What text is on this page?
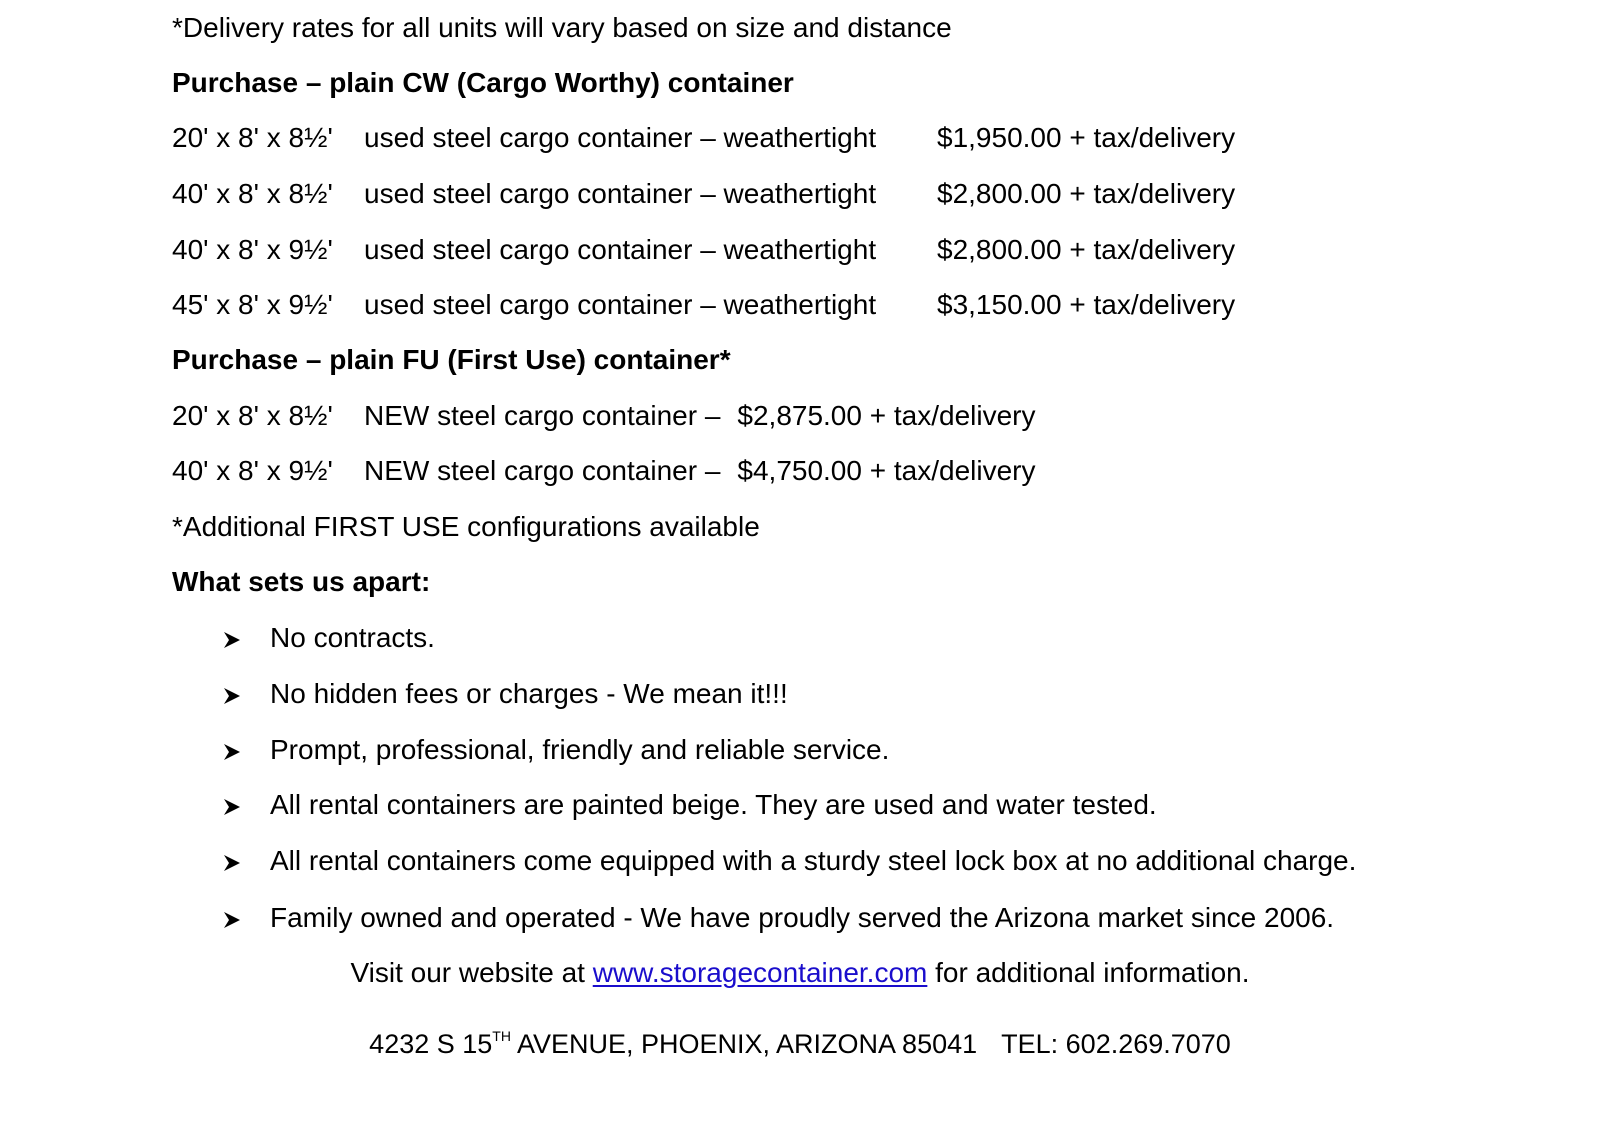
*Delivery rates for all units will vary based on size and distance
Purchase – plain CW (Cargo Worthy) container
20' x 8' x 8½' used steel cargo container – weathertight $1,950.00 + tax/delivery
40' x 8' x 8½' used steel cargo container – weathertight $2,800.00 + tax/delivery
40' x 8' x 9½' used steel cargo container – weathertight $2,800.00 + tax/delivery
45' x 8' x 9½' used steel cargo container – weathertight $3,150.00 + tax/delivery
Purchase – plain FU (First Use) container*
20' x 8' x 8½' NEW steel cargo container – $2,875.00 + tax/delivery
40' x 8' x 9½' NEW steel cargo container – $4,750.00 + tax/delivery
*Additional FIRST USE configurations available
What sets us apart:
No contracts.
No hidden fees or charges - We mean it!!!
Prompt, professional, friendly and reliable service.
All rental containers are painted beige. They are used and water tested.
All rental containers come equipped with a sturdy steel lock box at no additional charge.
Family owned and operated - We have proudly served the Arizona market since 2006.
Visit our website at www.storagecontainer.com for additional information.
4232 S 15TH AVENUE, PHOENIX, ARIZONA 85041 TEL: 602.269.7070
